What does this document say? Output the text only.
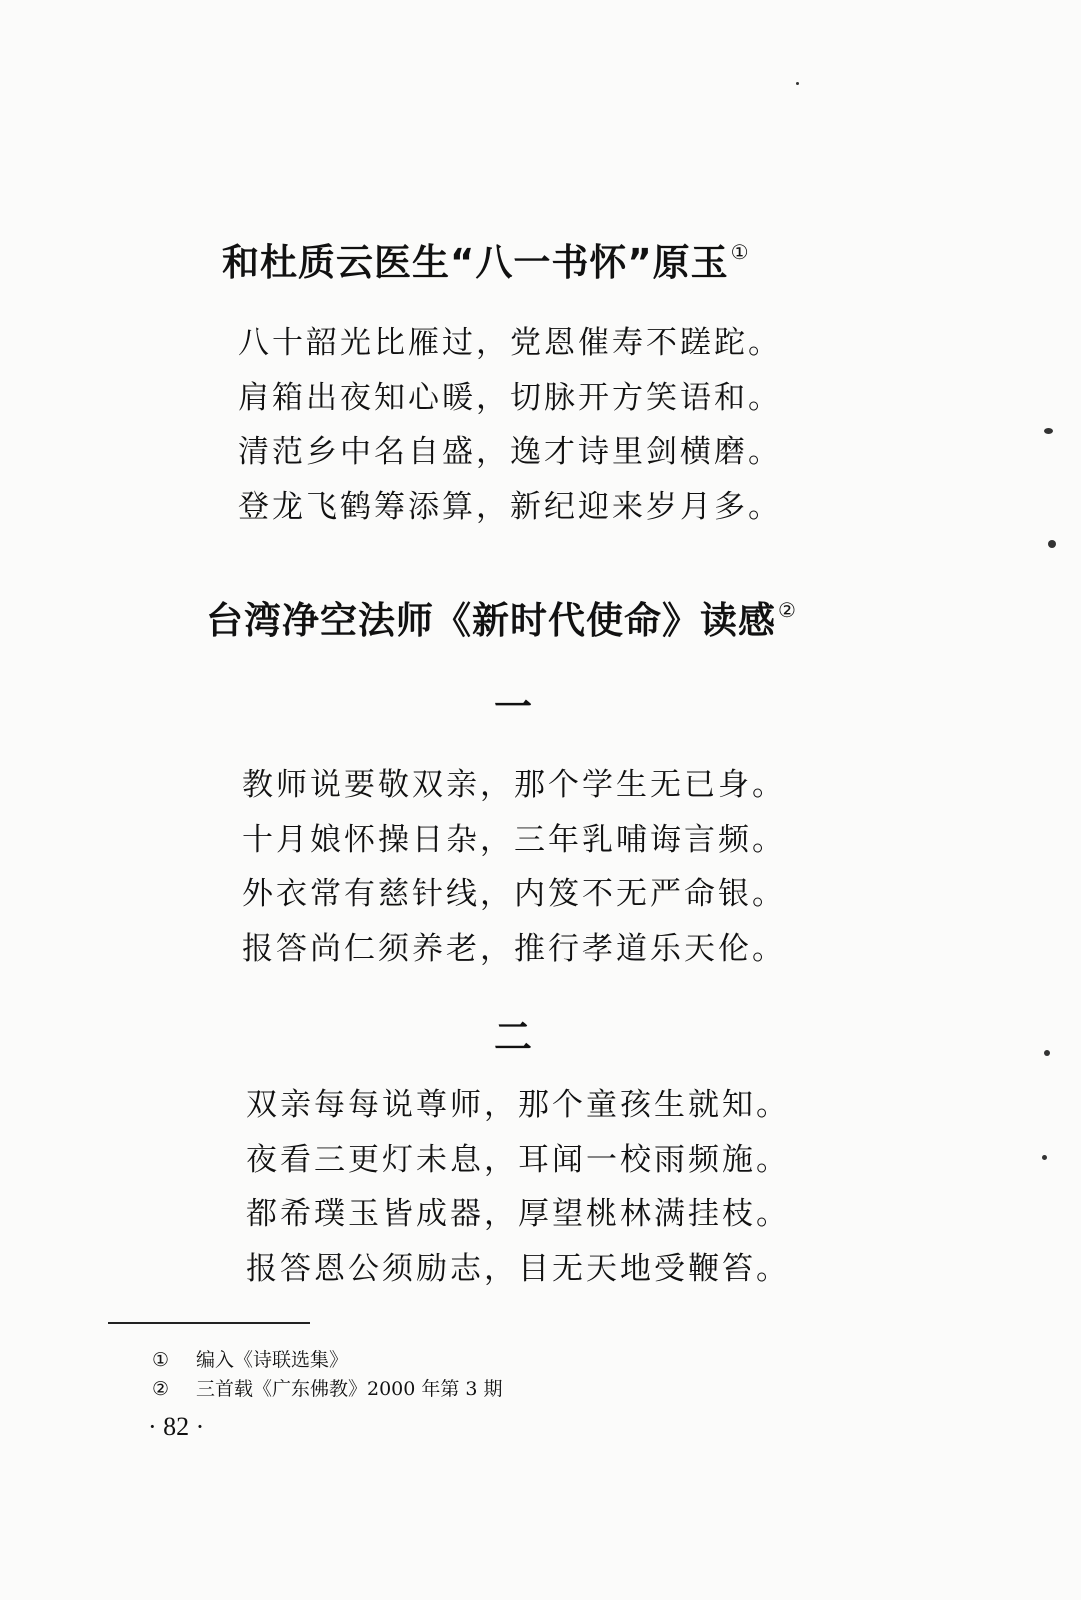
和杜质云医生“八一书怀”原玉 ①
八十韶光比雁过，党恩催寿不蹉跎。
肩箱出夜知心暖，切脉开方笑语和。
清范乡中名自盛，逸才诗里剑横磨。
登龙飞鹤筹添算，新纪迎来岁月多。
台湾净空法师《新时代使命》读感 ②
一
教师说要敬双亲，那个学生无已身。
十月娘怀操日杂，三年乳哺诲言频。
外衣常有慈针线，内笈不无严命银。
报答尚仁须养老，推行孝道乐天伦。
二
双亲每每说尊师，那个童孩生就知。
夜看三更灯未息，耳闻一校雨频施。
都希璞玉皆成器，厚望桃林满挂枝。
报答恩公须励志，目无天地受鞭笞。
① 编入《诗联选集》
② 三首载《广东佛教》2000 年第 3 期
· 82 ·
